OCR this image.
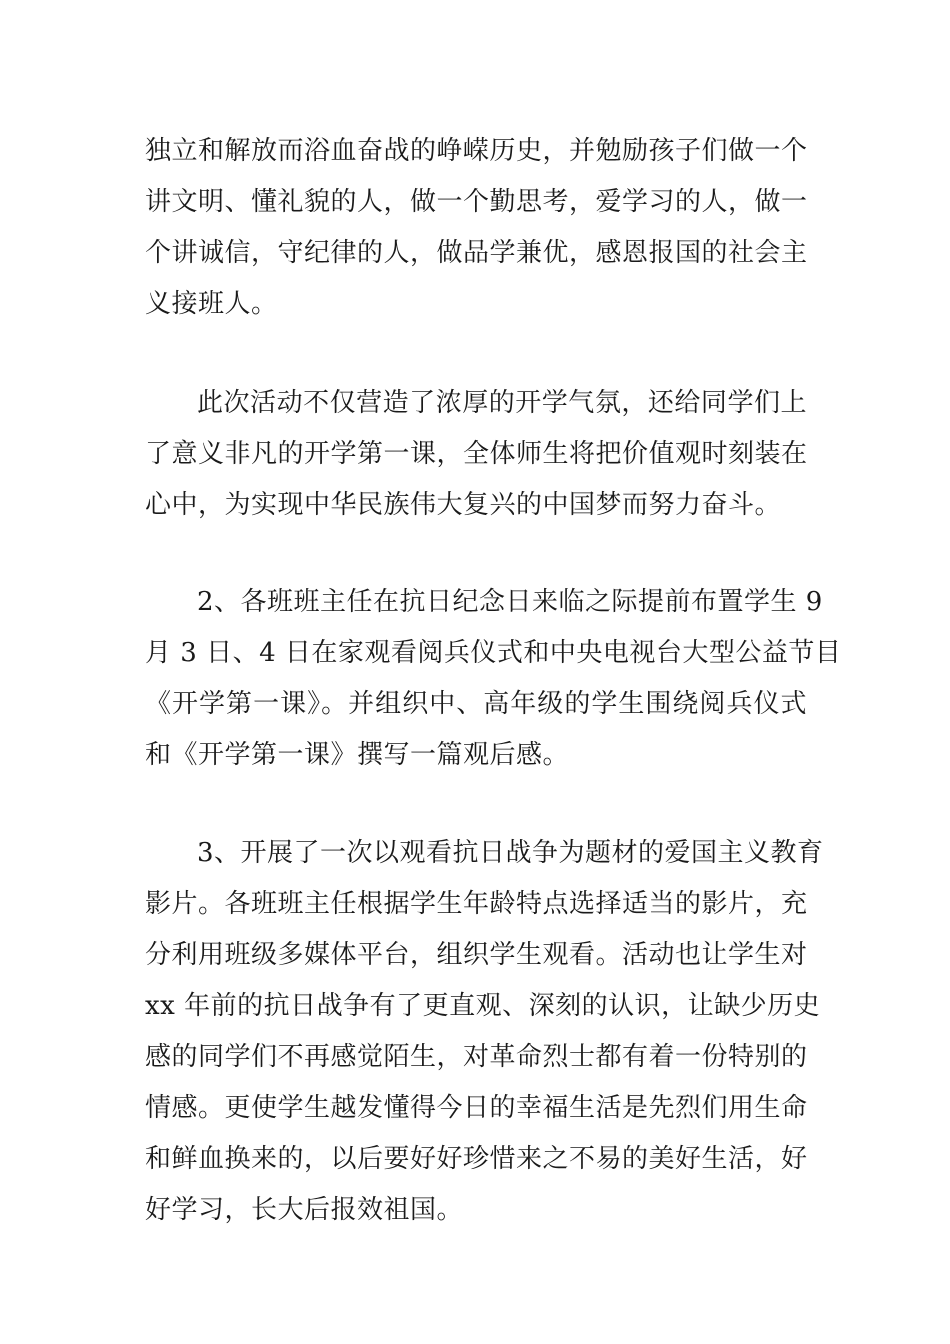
独立和解放而浴血奋战的峥嵘历史，并勉励孩子们做一个
讲文明、懂礼貌的人，做一个勤思考，爱学习的人，做一
个讲诚信，守纪律的人，做品学兼优，感恩报国的社会主
义接班人。

此次活动不仅营造了浓厚的开学气氛，还给同学们上
了意义非凡的开学第一课，全体师生将把价值观时刻装在
心中，为实现中华民族伟大复兴的中国梦而努力奋斗。

2、各班班主任在抗日纪念日来临之际提前布置学生 9
月 3 日、4 日在家观看阅兵仪式和中央电视台大型公益节目
《开学第一课》。并组织中、高年级的学生围绕阅兵仪式
和《开学第一课》撰写一篇观后感。

3、开展了一次以观看抗日战争为题材的爱国主义教育
影片。各班班主任根据学生年龄特点选择适当的影片，充
分利用班级多媒体平台，组织学生观看。活动也让学生对
xx 年前的抗日战争有了更直观、深刻的认识，让缺少历史
感的同学们不再感觉陌生，对革命烈士都有着一份特别的
情感。更使学生越发懂得今日的幸福生活是先烈们用生命
和鲜血换来的，以后要好好珍惜来之不易的美好生活，好
好学习，长大后报效祖国。
